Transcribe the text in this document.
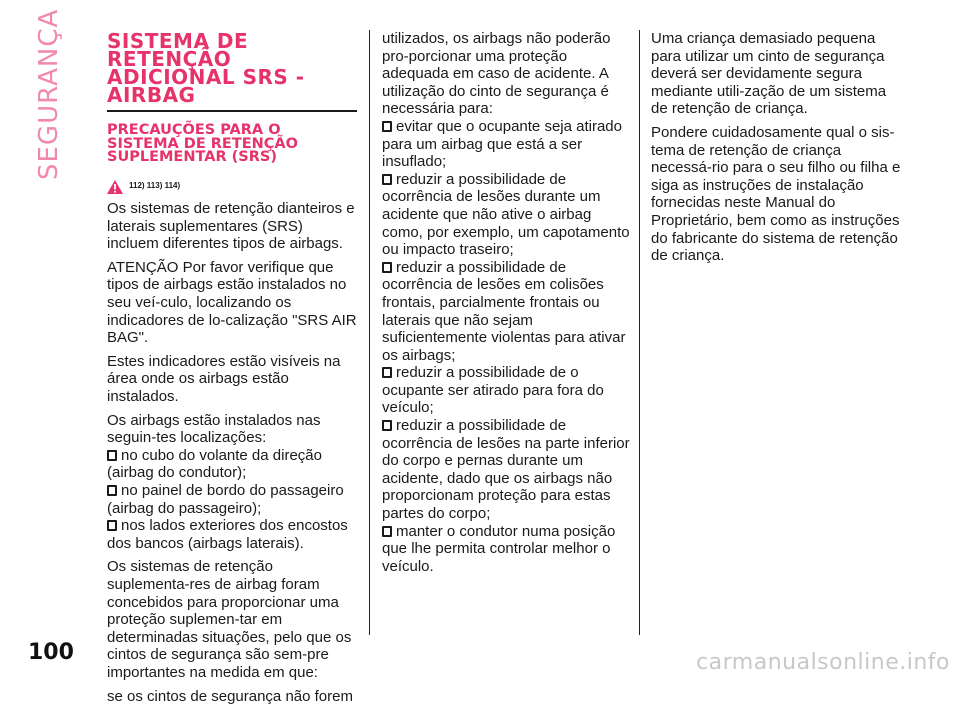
SEGURANÇA	SISTEMA DE RETENÇÃO ADICIONAL SRS - AIRBAG
PRECAUÇÕES PARA O SISTEMA DE RETENÇÃO SUPLEMENTAR (SRS)
112) 113) 114)

Os sistemas de retenção dianteiros e laterais suplementares (SRS) incluem diferentes tipos de airbags.

ATENÇÃO Por favor verifique que tipos de airbags estão instalados no seu veí-culo, localizando os indicadores de lo-calização "SRS AIR BAG".

Estes indicadores estão visíveis na área onde os airbags estão instalados.

Os airbags estão instalados nas seguin-tes localizações:
no cubo do volante da direção (airbag do condutor);
no painel de bordo do passageiro (airbag do passageiro);

nos lados exteriores dos encostos dos bancos (airbags laterais).

Os sistemas de retenção suplementa-res de airbag foram concebidos para proporcionar uma proteção suplemen-tar em determinadas situações, pelo que os cintos de segurança são sem-pre importantes na medida em que:

se os cintos de segurança não forem

utilizados, os airbags não poderão pro-porcionar uma proteção adequada em caso de acidente. A utilização do cinto de segurança é necessária para:
evitar que o ocupante seja atirado para um airbag que está a ser insuflado;
reduzir a possibilidade de ocorrência de lesões durante um acidente que não ative o airbag como, por exemplo, um capotamento ou impacto traseiro;
reduzir a possibilidade de ocorrência de lesões em colisões frontais, parcialmente frontais ou laterais que não sejam suficientemente violentas para ativar os airbags;
reduzir a possibilidade de o ocupante ser atirado para fora do veículo;
reduzir a possibilidade de ocorrência de lesões na parte inferior do corpo e pernas durante um acidente, dado que os airbags não proporcionam proteção para estas partes do corpo;
manter o condutor numa posição que lhe permita controlar melhor o veículo.

Uma criança demasiado pequena para utilizar um cinto de segurança deverá ser devidamente segura mediante utili-zação de um sistema de retenção de criança.

Pondere cuidadosamente qual o sis-tema de retenção de criança necessá-rio para o seu filho ou filha e siga as instruções de instalação fornecidas neste Manual do Proprietário, bem como as instruções do fabricante do sistema de retenção de criança.

100	carmanualsonline.info
